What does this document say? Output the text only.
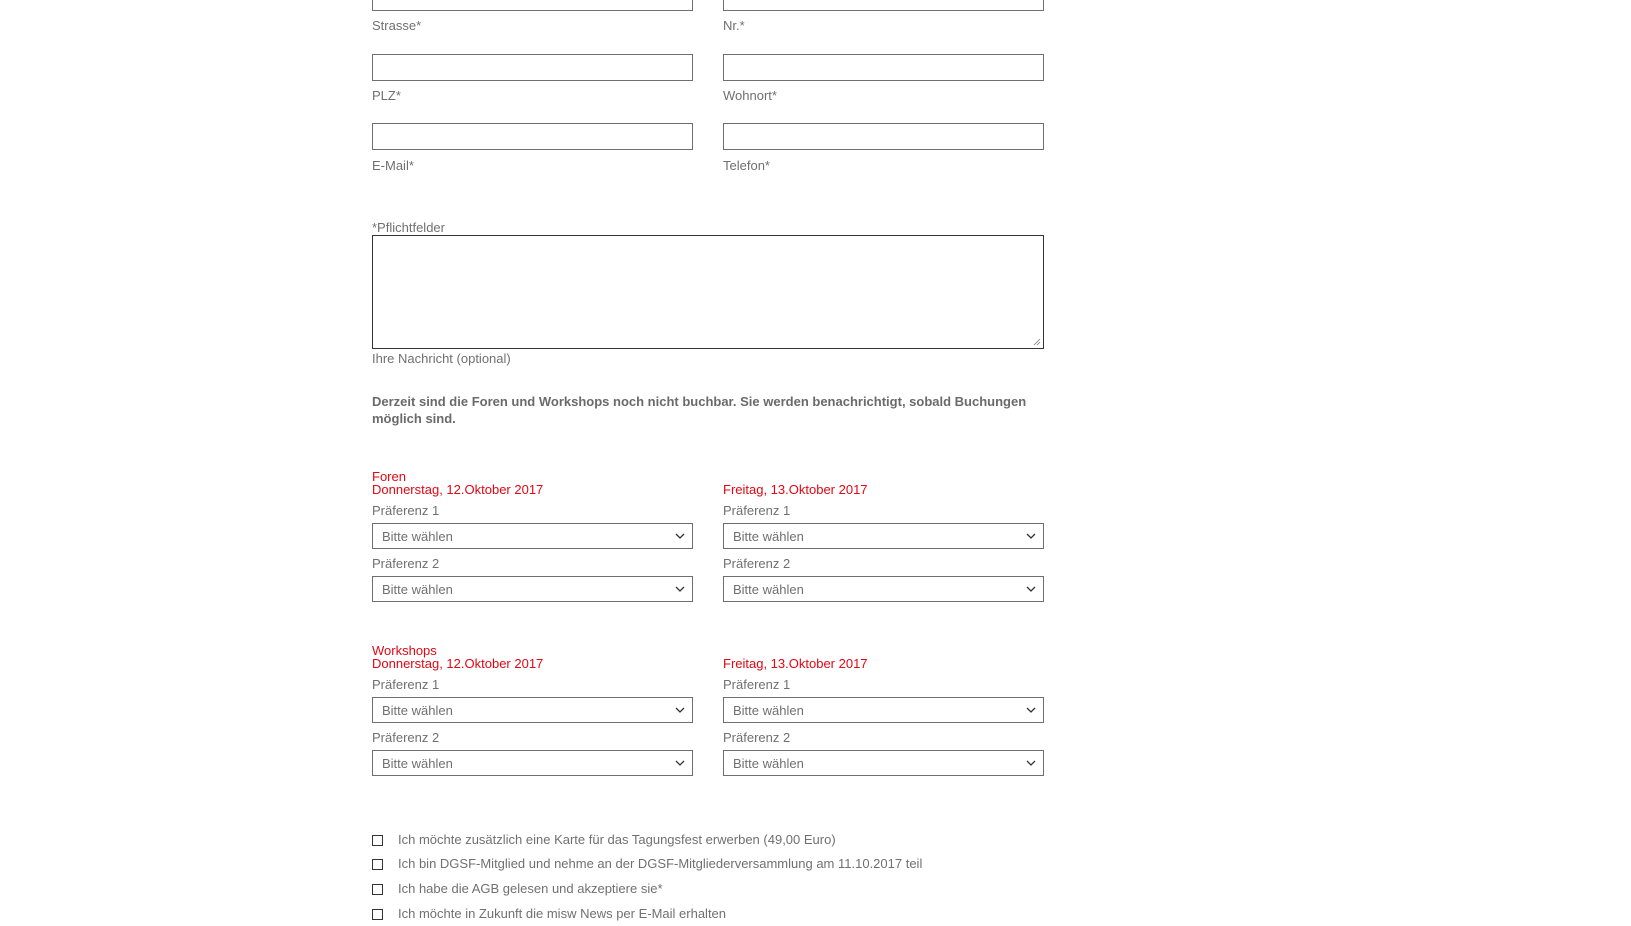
Strasse*	Nr.*
PLZ*	Wohnort*
E-Mail*	Telefon*
*Pflichtfelder
Ihre Nachricht (optional)
Derzeit sind die Foren und Workshops noch nicht buchbar. Sie werden benachrichtigt, sobald Buchungen möglich sind.
Foren
Donnerstag, 12.Oktober 2017	Freitag, 13.Oktober 2017
Präferenz 1	Präferenz 1
Bitte wählen	Bitte wählen
Präferenz 2	Präferenz 2
Bitte wählen	Bitte wählen
Workshops
Donnerstag, 12.Oktober 2017	Freitag, 13.Oktober 2017
Präferenz 1	Präferenz 1
Bitte wählen	Bitte wählen
Präferenz 2	Präferenz 2
Bitte wählen	Bitte wählen
Ich möchte zusätzlich eine Karte für das Tagungsfest erwerben (49,00 Euro)
Ich bin DGSF-Mitglied und nehme an der DGSF-Mitgliederversammlung am 11.10.2017 teil
Ich habe die AGB gelesen und akzeptiere sie*
Ich möchte in Zukunft die misw News per E-Mail erhalten
